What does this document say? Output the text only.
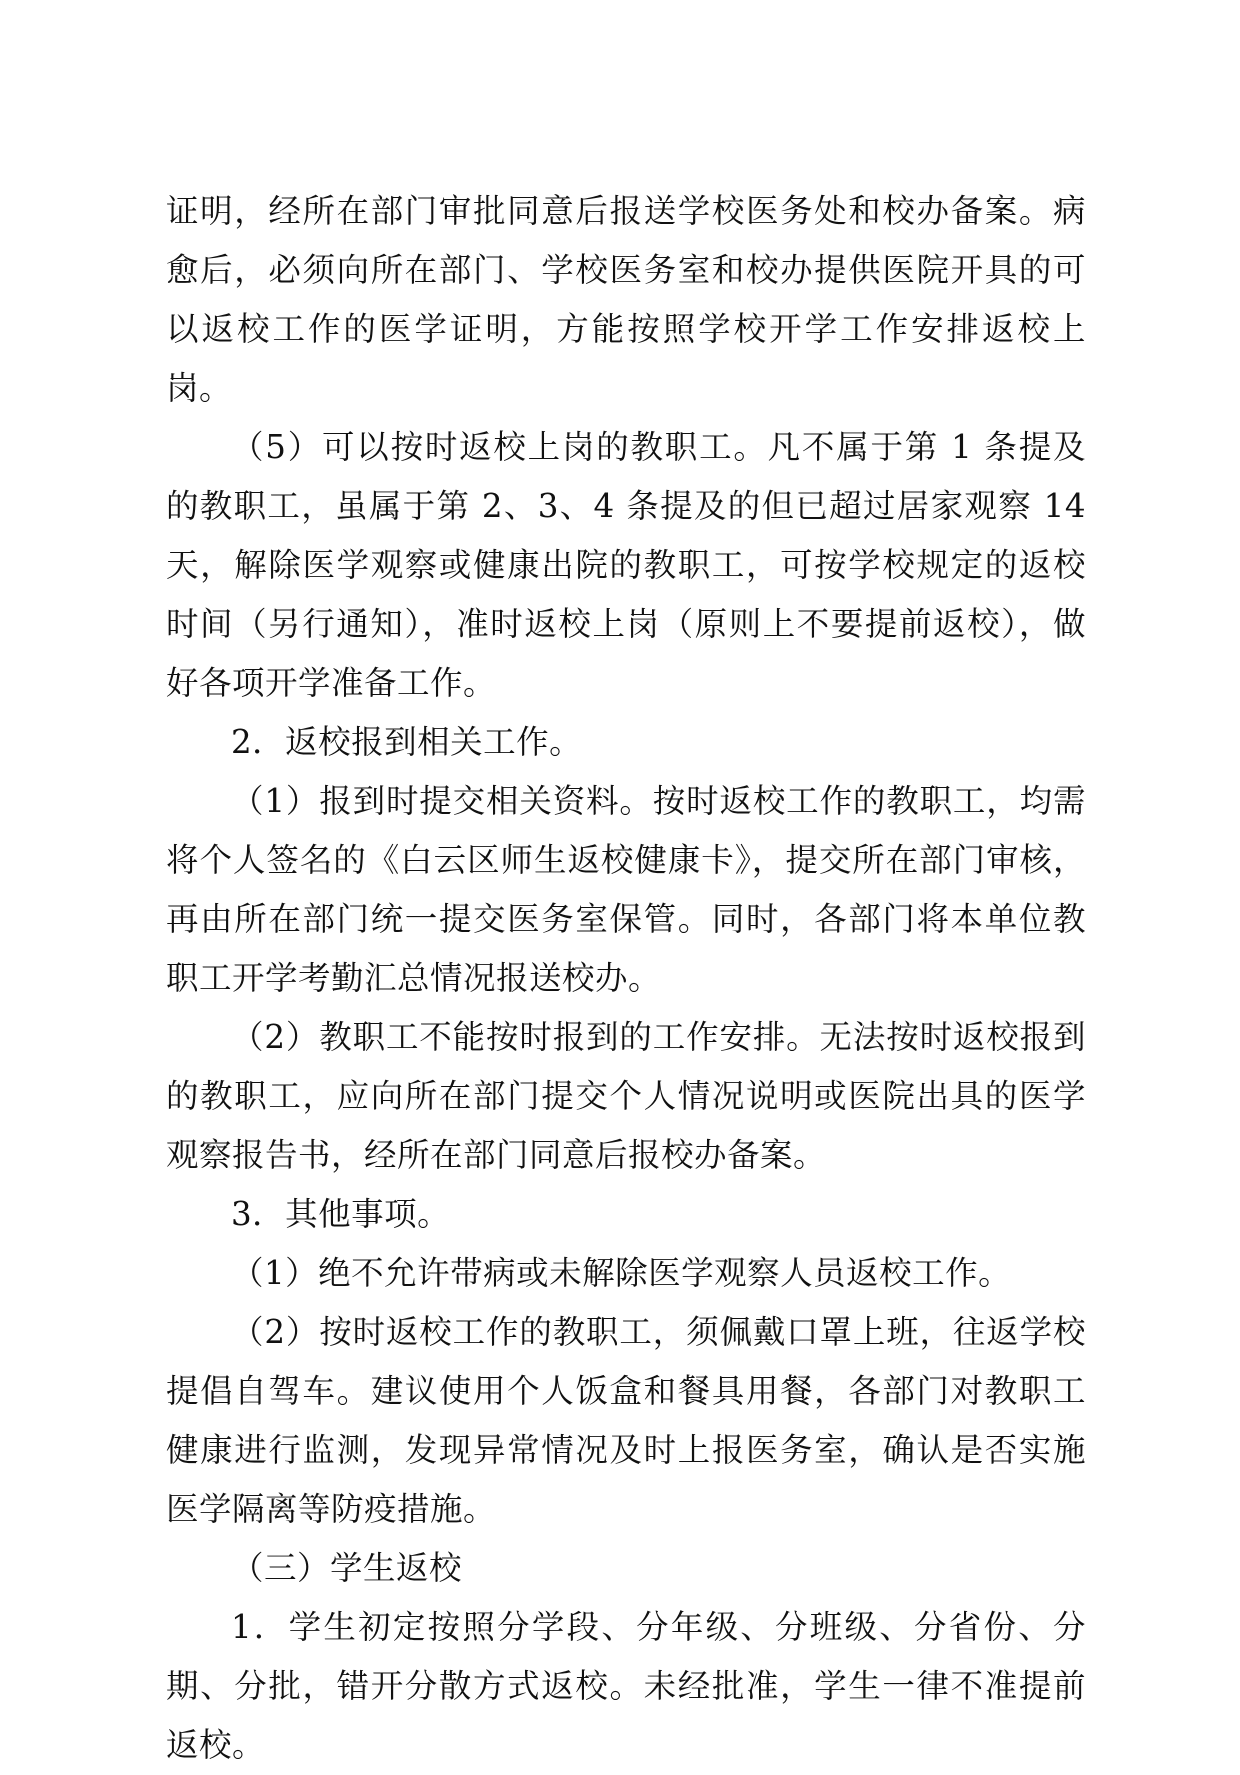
证明，经所在部门审批同意后报送学校医务处和校办备案。病愈后，必须向所在部门、学校医务室和校办提供医院开具的可以返校工作的医学证明，方能按照学校开学工作安排返校上岗。

（5）可以按时返校上岗的教职工。凡不属于第 1 条提及的教职工，虽属于第 2、3、4 条提及的但已超过居家观察 14 天，解除医学观察或健康出院的教职工，可按学校规定的返校时间（另行通知），准时返校上岗（原则上不要提前返校），做好各项开学准备工作。

2．返校报到相关工作。

（1）报到时提交相关资料。按时返校工作的教职工，均需将个人签名的《白云区师生返校健康卡》，提交所在部门审核，再由所在部门统一提交医务室保管。同时，各部门将本单位教职工开学考勤汇总情况报送校办。

（2）教职工不能按时报到的工作安排。无法按时返校报到的教职工，应向所在部门提交个人情况说明或医院出具的医学观察报告书，经所在部门同意后报校办备案。

3．其他事项。

（1）绝不允许带病或未解除医学观察人员返校工作。

（2）按时返校工作的教职工，须佩戴口罩上班，往返学校提倡自驾车。建议使用个人饭盒和餐具用餐，各部门对教职工健康进行监测，发现异常情况及时上报医务室，确认是否实施医学隔离等防疫措施。

（三）学生返校

1．学生初定按照分学段、分年级、分班级、分省份、分期、分批，错开分散方式返校。未经批准，学生一律不准提前返校。
